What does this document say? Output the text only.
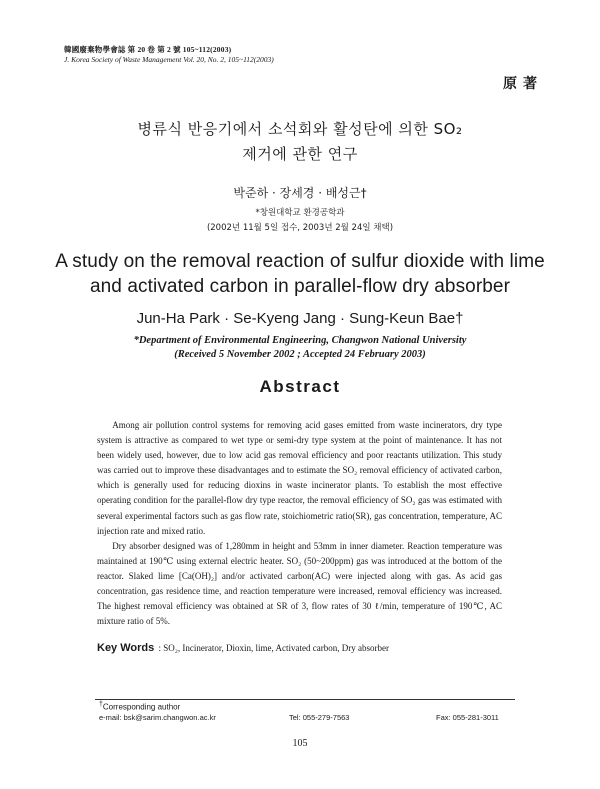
韓國廢棄物學會誌 第 20 卷 第 2 號 105~112(2003)
J. Korea Society of Waste Management Vol. 20, No. 2, 105~112(2003)
原著
병류식 반응기에서 소석회와 활성탄에 의한 SO₂
제거에 관한 연구
박준하 · 장세경 · 배성근†
*창원대학교 환경공학과
(2002년 11월 5일 접수, 2003년 2월 24일 채택)
A study on the removal reaction of sulfur dioxide with lime
and activated carbon in parallel-flow dry absorber
Jun-Ha Park · Se-Kyeng Jang · Sung-Keun Bae†
*Department of Environmental Engineering, Changwon National University
(Received 5 November 2002 ; Accepted 24 February 2003)
Abstract

Among air pollution control systems for removing acid gases emitted from waste incinerators, dry type system is attractive as compared to wet type or semi-dry type system at the point of maintenance. It has not been widely used, however, due to low acid gas removal efficiency and poor reactants utilization. This study was carried out to improve these disadvantages and to estimate the SO₂ removal efficiency of activated carbon, which is generally used for reducing dioxins in waste incinerator plants. To establish the most effective operating condition for the parallel-flow dry type reactor, the removal efficiency of SO₂ gas was estimated with several experimental factors such as gas flow rate, stoichiometric ratio(SR), gas concentration, temperature, AC injection rate and mixed ratio.

Dry absorber designed was of 1,280mm in height and 53mm in inner diameter. Reaction temperature was maintained at 190℃ using external electric heater. SO₂ (50~200ppm) gas was introduced at the bottom of the reactor. Slaked lime [Ca(OH)₂] and/or activated carbon(AC) were injected along with gas. As acid gas concentration, gas residence time, and reaction temperature were increased, removal efficiency was increased. The highest removal efficiency was obtained at SR of 3, flow rates of 30 ℓ/min, temperature of 190℃, AC mixture ratio of 5%.

Key Words : SO₂, Incinerator, Dioxin, lime, Activated carbon, Dry absorber
†Corresponding author
e-mail: bsk@sarim.changwon.ac.kr	Tel: 055-279-7563	Fax: 055-281-3011
105
